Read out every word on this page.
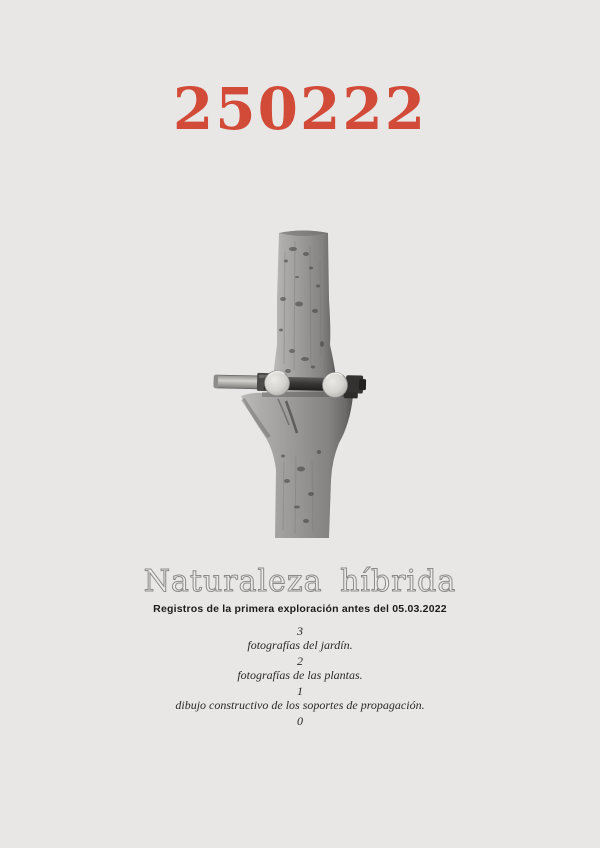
250222
Naturaleza híbrida
Registros de la primera exploración antes del 05.03.2022
3
fotografías del jardín.
2
fotografías de las plantas.
1
dibujo constructivo de los soportes de propagación.
0
